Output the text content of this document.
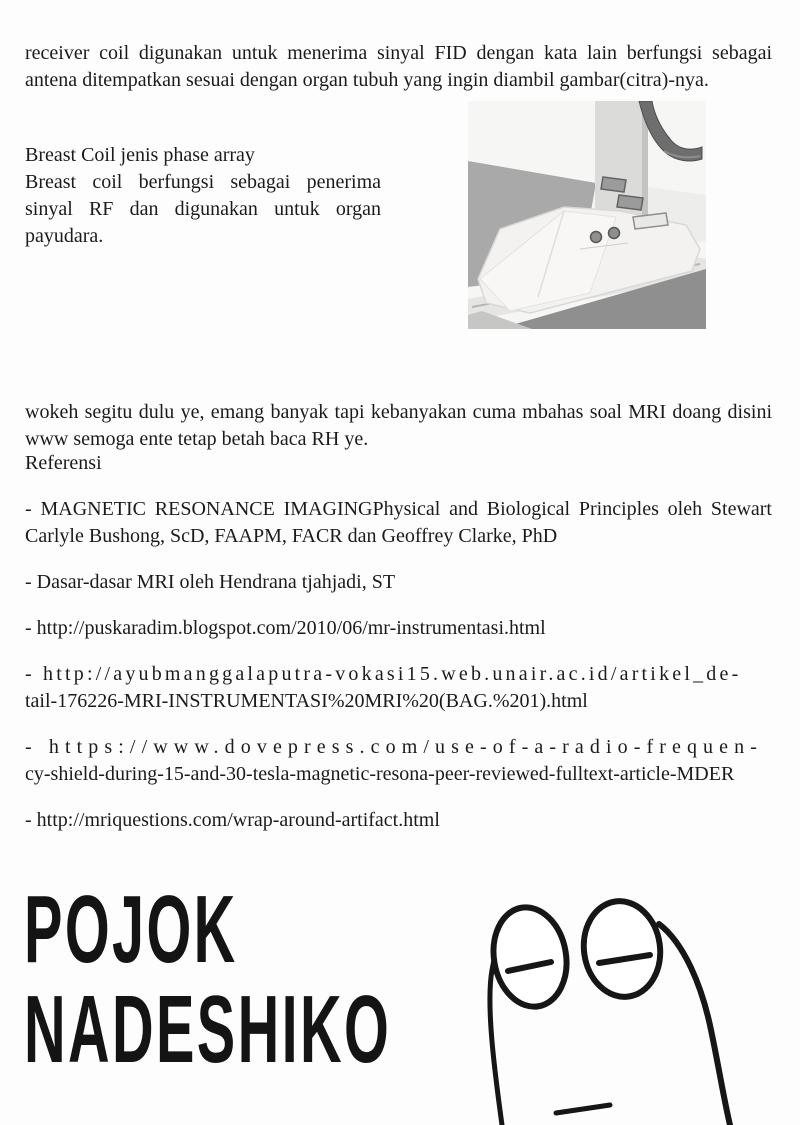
receiver coil digunakan untuk menerima sinyal FID dengan kata lain berfungsi sebagai antena ditempatkan sesuai dengan organ tubuh yang ingin diambil gambar(citra)-nya.

Breast Coil jenis phase array
Breast coil berfungsi sebagai penerima sinyal RF dan digunakan untuk organ payudara.

wokeh segitu dulu ye, emang banyak tapi kebanyakan cuma mbahas soal MRI doang disini www semoga ente tetap betah baca RH ye.

Referensi
- MAGNETIC RESONANCE IMAGINGPhysical and Biological Principles oleh Stewart Carlyle Bushong, ScD, FAAPM, FACR dan Geoffrey Clarke, PhD
- Dasar-dasar MRI oleh Hendrana tjahjadi, ST
- http://puskaradim.blogspot.com/2010/06/mr-instrumentasi.html
- http://ayubmanggalaputra-vokasi15.web.unair.ac.id/artikel_de-
tail-176226-MRI-INSTRUMENTASI%20MRI%20(BAG.%201).html
- https://www.dovepress.com/use-of-a-radio-frequen-
cy-shield-during-15-and-30-tesla-magnetic-resona-peer-reviewed-fulltext-article-MDER
- http://mriquestions.com/wrap-around-artifact.html
POJOK
NADESHIKO
